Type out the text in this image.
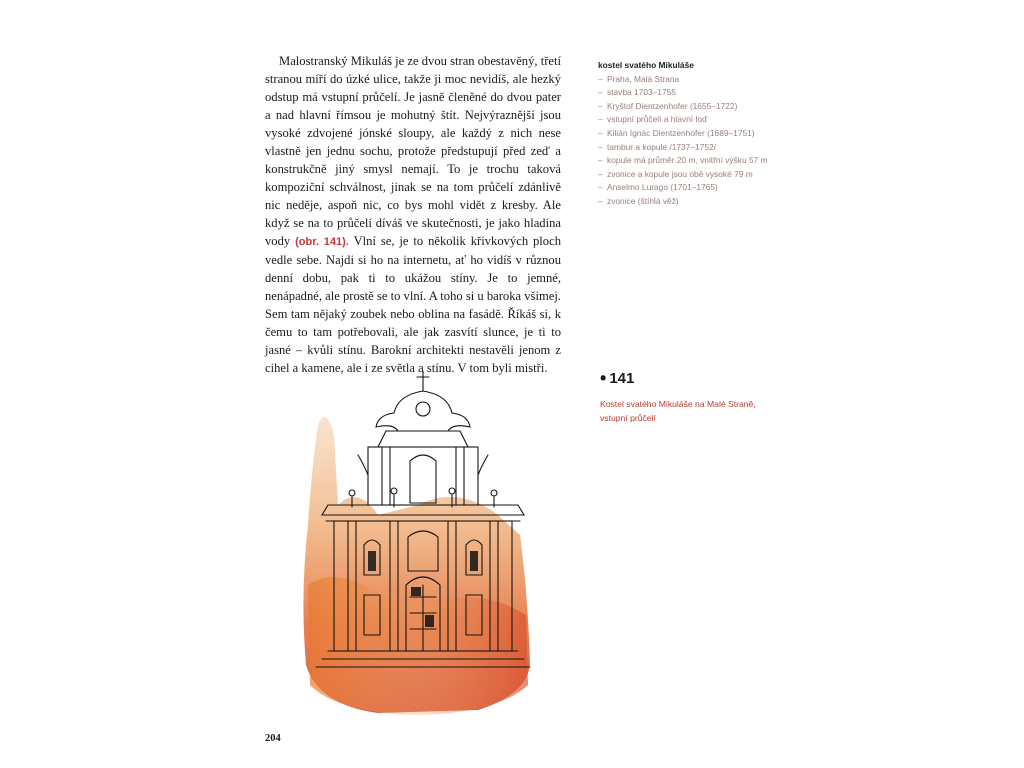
Malostranský Mikuláš je ze dvou stran obestavěný, třetí stranou míří do úzké ulice, takže ji moc nevidíš, ale hezký odstup má vstupní průčelí. Je jasně členěné do dvou pater a nad hlavní římsou je mohutný štít. Nejvýraznější jsou vysoké zdvojené jónské sloupy, ale každý z nich nese vlastně jen jednu sochu, protože předstupují před zeď a konstrukčně jiný smysl nemají. To je trochu taková kompoziční schválnost, jinak se na tom průčelí zdánlivě nic neděje, aspoň nic, co bys mohl vidět z kresby. Ale když se na to průčelí díváš ve skutečnosti, je jako hladina vody (obr. 141). Vlní se, je to několik křivkových ploch vedle sebe. Najdi si ho na internetu, ať ho vidíš v různou denní dobu, pak ti to ukážou stíny. Je to jemné, nenápadné, ale prostě se to vlní. A toho si u baroka všimej. Sem tam nějaký zoubek nebo oblina na fasádě. Říkáš si, k čemu to tam potřebovali, ale jak zasvítí slunce, je ti to jasné – kvůli stínu. Barokní architekti nestavěli jenom z cihel a kamene, ale i ze světla a stínu. V tom byli mistři.

kostel svatého Mikuláše
– Praha, Malá Strana
– stavba 1703–1755
– Kryštof Dientzenhofer (1655–1722)
– vstupní průčelí a hlavní loď
– Kilián Ignác Dientzenhofer (1689–1751)
– tambur a kopule /1737–1752/
– kopule má průměr 20 m, vnitřní výšku 57 m
– zvonice a kopule jsou obě vysoké 79 m
– Anselmo Lurago (1701–1765)
– zvonice (štíhlá věž)
• 141
Kostel svatého Mikuláše na Malé Straně, vstupní průčelí
204
